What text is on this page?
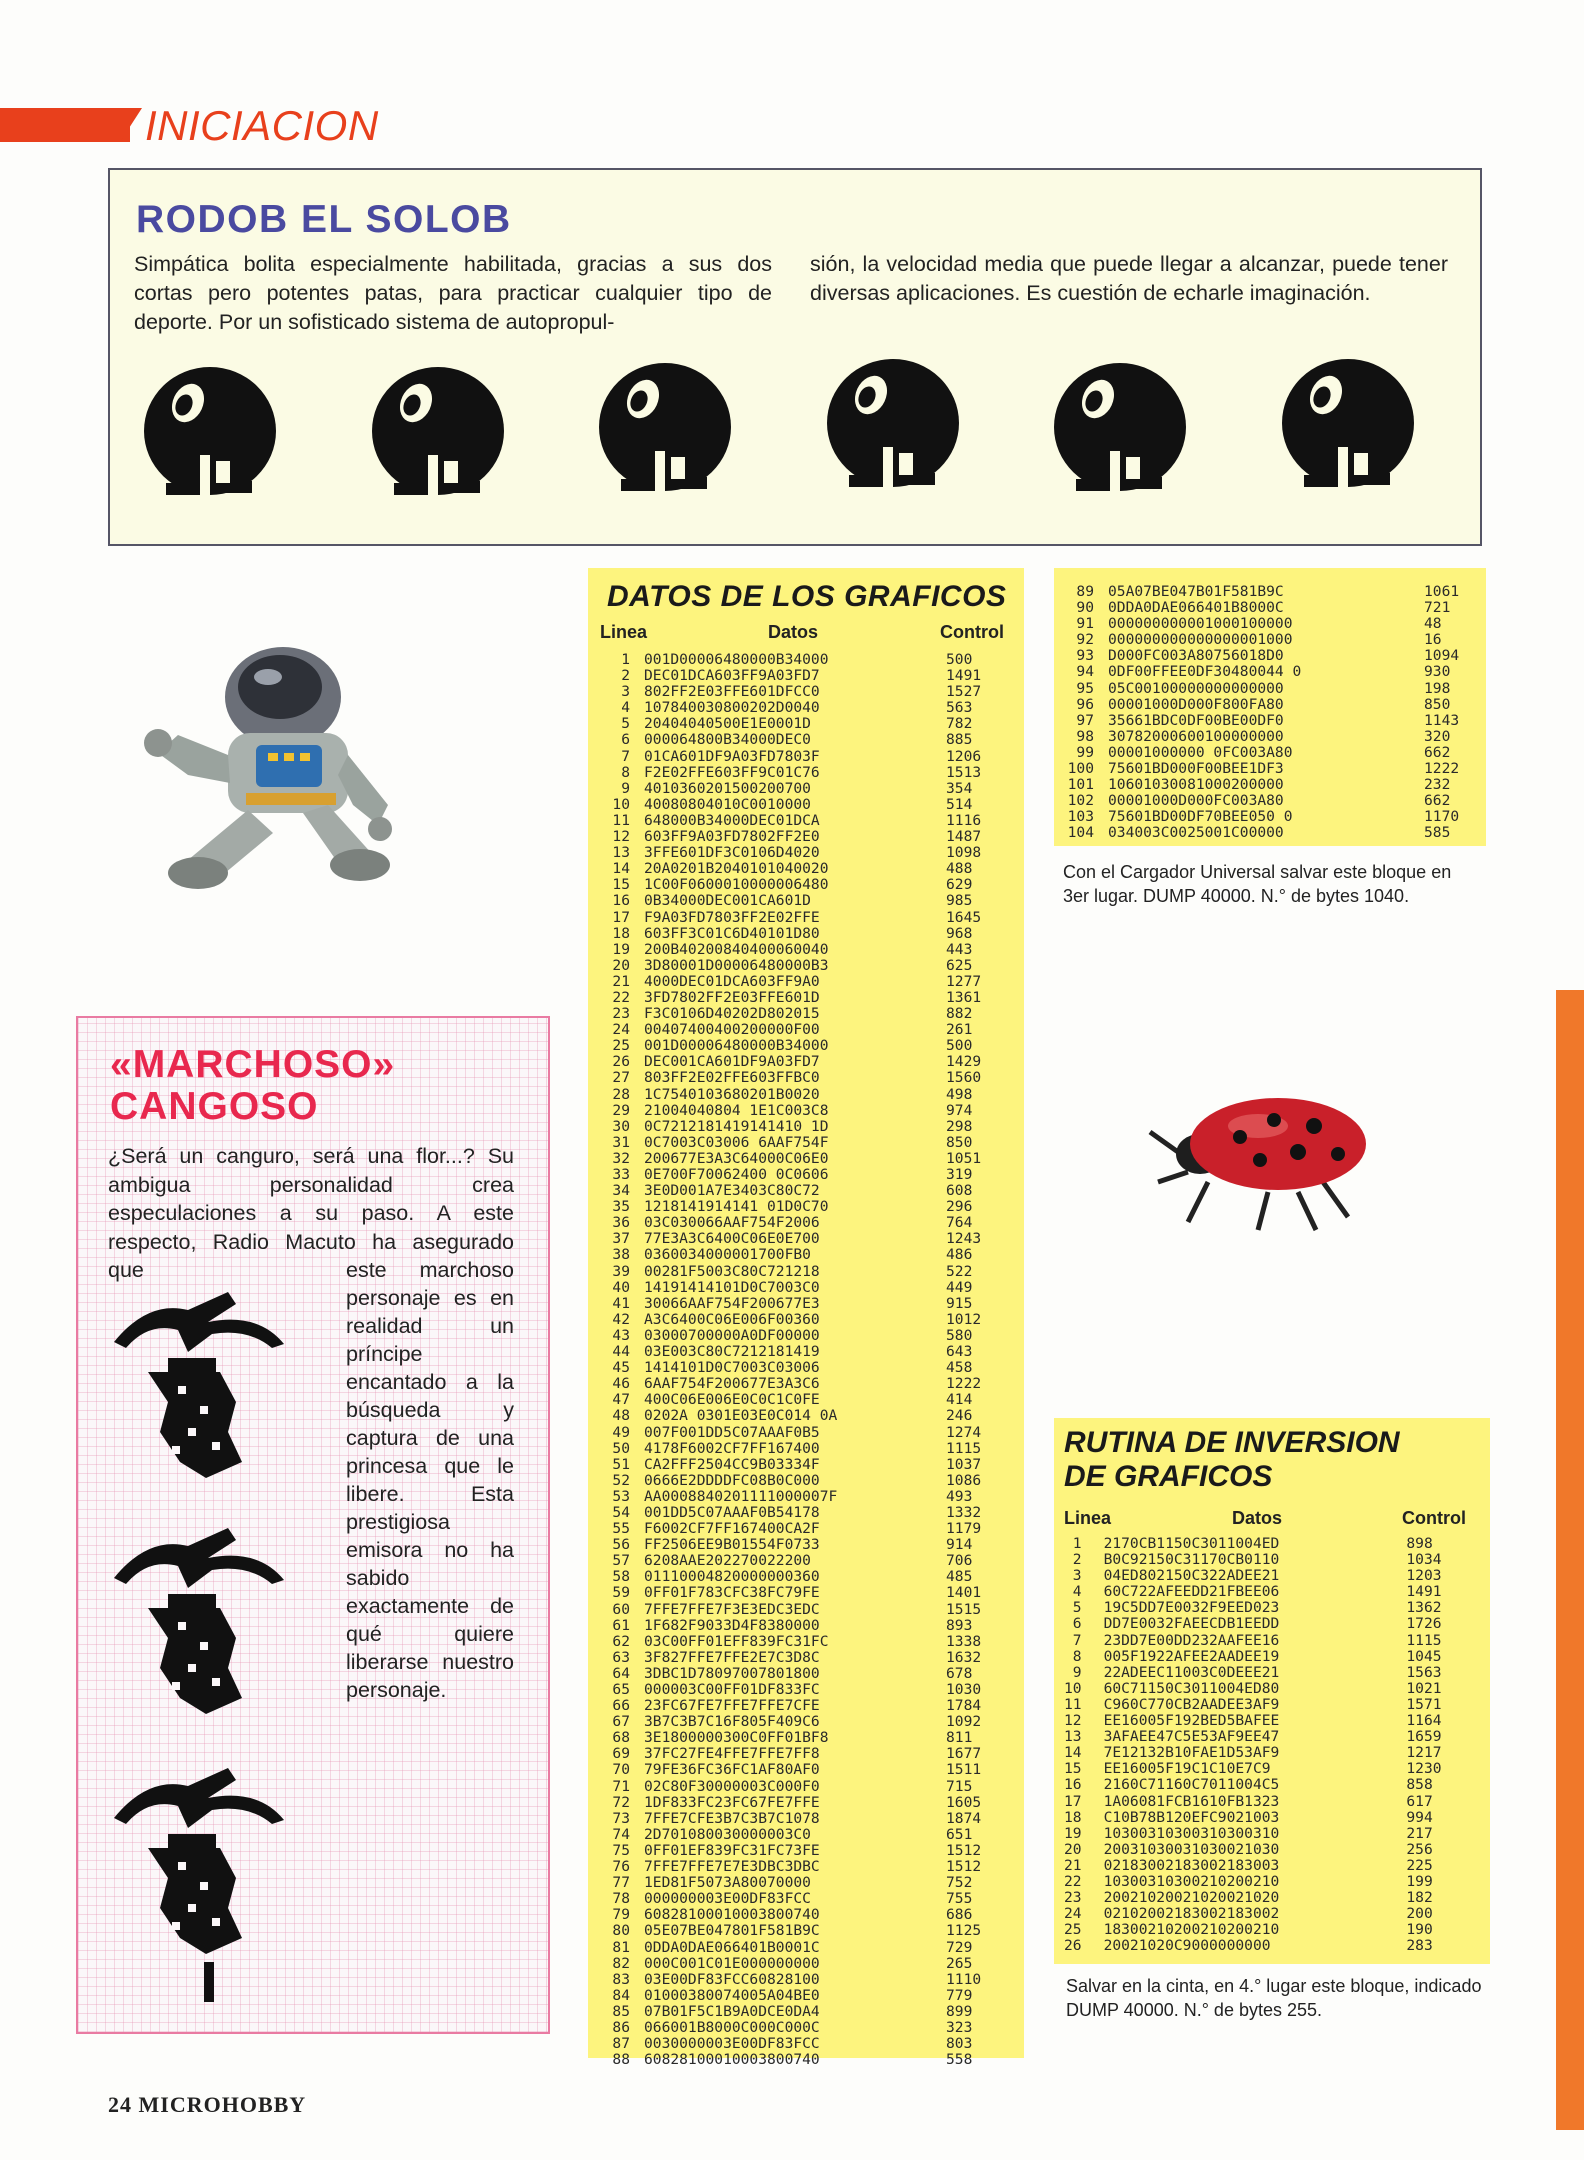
INICIACION
RODOB EL SOLOB
Simpática bolita especialmente habilitada, gracias a sus dos cortas pero potentes patas, para practicar cualquier tipo de deporte. Por un sofisticado sistema de autopropul-
sión, la velocidad media que puede llegar a alcanzar, puede tener diversas aplicaciones. Es cuestión de echarle imaginación.
«MARCHOSO»
CANGOSO
¿Será un canguro, será una flor...? Su ambigua personalidad crea especulaciones a su paso. A este respecto, Radio Macuto ha asegurado que	este marchoso personaje es en realidad un príncipe encantado a la búsqueda y captura de una princesa que le libere. Esta prestigiosa emisora no ha sabido exactamente de qué quiere liberarse nuestro personaje.
DATOS DE LOS GRAFICOS
Linea	Datos	Control
1	001D00006480000B34000	500
2	DEC01DCA603FF9A03FD7	1491
3	802FF2E03FFE601DFCC0	1527
4	107840030800202D0040	563
5	20404040500E1E0001D	782
6	000064800B34000DEC0	885
7	01CA601DF9A03FD7803F	1206
8	F2E02FFE603FF9C01C76	1513
9	4010360201500200700	354
10	40080804010C0010000	514
11	648000B34000DEC01DCA	1116
12	603FF9A03FD7802FF2E0	1487
13	3FFE601DF3C0106D4020	1098
14	20A0201B2040101040020	488
15	1C00F0600010000006480	629
16	0B34000DEC001CA601D	985
17	F9A03FD7803FF2E02FFE	1645
18	603FF3C01C6D40101D80	968
19	200B40200840400060040	443
20	3D80001D00006480000B3	625
21	4000DEC01DCA603FF9A0	1277
22	3FD7802FF2E03FFE601D	1361
23	F3C0106D40202D802015	882
24	00407400400200000F00	261
25	001D00006480000B34000	500
26	DEC001CA601DF9A03FD7	1429
27	803FF2E02FFE603FFBC0	1560
28	1C7540103680201B0020	498
29	21004040804 1E1C003C8	974
30	0C7212181419141410 1D	298
31	0C7003C03006 6AAF754F	850
32	200677E3A3C64000C06E0	1051
33	0E700F70062400 0C0606	319
34	3E0D001A7E3403C80C72	608
35	1218141914141 01D0C70	296
36	03C030066AAF754F2006	764
37	77E3A3C6400C06E0E700	1243
38	0360034000001700FB0	486
39	00281F5003C80C721218	522
40	14191414101D0C7003C0	449
41	30066AAF754F200677E3	915
42	A3C6400C06E006F00360	1012
43	03000700000A0DF00000	580
44	03E003C80C7212181419	643
45	1414101D0C7003C03006	458
46	6AAF754F200677E3A3C6	1222
47	400C06E006E0C0C1C0FE	414
48	0202A 0301E03E0C014 0A	246
49	007F001DD5C07AAAF0B5	1274
50	4178F6002CF7FF167400	1115
51	CA2FFF2504CC9B03334F	1037
52	0666E2DDDDFC08B0C000	1086
53	AA0008840201111000007F	493
54	001DD5C07AAAF0B54178	1332
55	F6002CF7FF167400CA2F	1179
56	FF2506EE9B01554F0733	914
57	6208AAE202270022200	706
58	01110004820000000360	485
59	0FF01F783CFC38FC79FE	1401
60	7FFE7FFE7F3E3EDC3EDC	1515
61	1F682F9033D4F8380000	893
62	03C00FF01EFF839FC31FC	1338
63	3F827FFE7FFE2E7C3D8C	1632
64	3DBC1D78097007801800	678
65	000003C00FF01DF833FC	1030
66	23FC67FE7FFE7FFE7CFE	1784
67	3B7C3B7C16F805F409C6	1092
68	3E1800000300C0FF01BF8	811
69	37FC27FE4FFE7FFE7FF8	1677
70	79FE36FC36FC1AF80AF0	1511
71	02C80F30000003C000F0	715
72	1DF833FC23FC67FE7FFE	1605
73	7FFE7CFE3B7C3B7C1078	1874
74	2D701080030000003C0	651
75	0FF01EF839FC31FC73FE	1512
76	7FFE7FFE7E7E3DBC3DBC	1512
77	1ED81F5073A80070000	752
78	000000003E00DF83FCC	755
79	60828100010003800740	686
80	05E07BE047801F581B9C	1125
81	0DDA0DAE066401B0001C	729
82	000C001C01E000000000	265
83	03E00DF83FCC60828100	1110
84	01000380074005A04BE0	779
85	07B01F5C1B9A0DCE0DA4	899
86	066001B8000C000C000C	323
87	0030000003E00DF83FCC	803
88	60828100010003800740	558
89	05A07BE047B01F581B9C	1061
90	0DDA0DAE066401B8000C	721
91	000000000001000100000	48
92	000000000000000001000	16
93	D000FC003A80756018D0	1094
94	0DF00FFEE0DF30480044 0	930
95	05C00100000000000000	198
96	00001000D000F800FA80	850
97	35661BDC0DF00BE00DF0	1143
98	30782000600100000000	320
99	00001000000 0FC003A80	662
100	75601BD000F00BEE1DF3	1222
101	10601030081000200000	232
102	00001000D000FC003A80	662
103	75601BD00DF70BEE050 0	1170
104	034003C0025001C00000	585
Con el Cargador Universal salvar este bloque en 3er lugar. DUMP 40000. N.° de bytes 1040.
RUTINA DE INVERSION
DE GRAFICOS
Linea	Datos	Control
1	2170CB1150C3011004ED	898
2	B0C92150C31170CB0110	1034
3	04ED802150C322ADEE21	1203
4	60C722AFEEDD21FBEE06	1491
5	19C5DD7E0032F9EED023	1362
6	DD7E0032FAEECDB1EEDD	1726
7	23DD7E00DD232AAFEE16	1115
8	005F1922AFEE2AADEE19	1045
9	22ADEEC11003C0DEEE21	1563
10	60C71150C3011004ED80	1021
11	C960C770CB2AADEE3AF9	1571
12	EE16005F192BED5BAFEE	1164
13	3AFAEE47C5E53AF9EE47	1659
14	7E12132B10FAE1D53AF9	1217
15	EE16005F19C1C10E7C9	1230
16	2160C71160C7011004C5	858
17	1A06081FCB1610FB1323	617
18	C10B78B120EFC9021003	994
19	10300310300310300310	217
20	20031030031030021030	256
21	02183002183002183003	225
22	10300310300210200210	199
23	20021020021020021020	182
24	02102002183002183002	200
25	18300210200210200210	190
26	20021020C9000000000	283
Salvar en la cinta, en 4.° lugar este bloque, indicado DUMP 40000. N.° de bytes 255.
24 MICROHOBBY
